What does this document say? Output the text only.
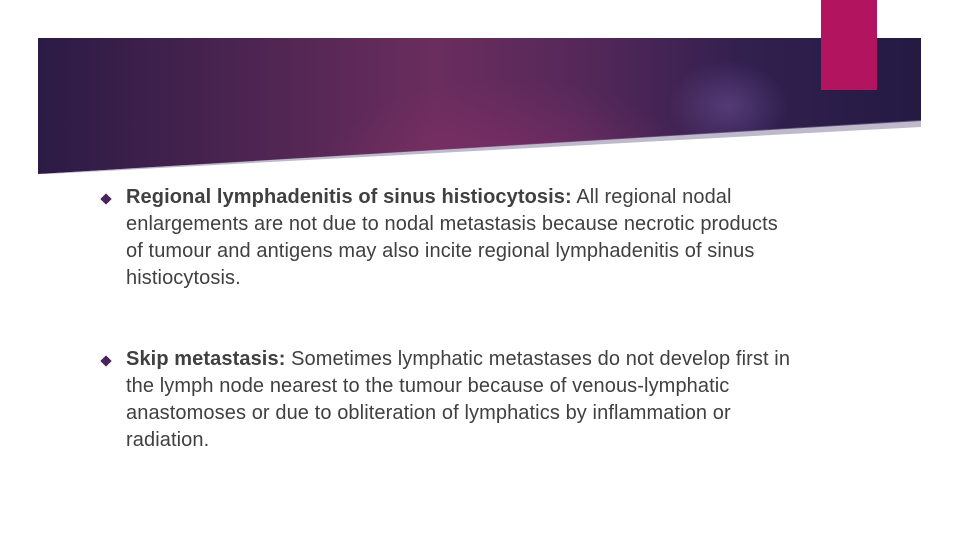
Regional lymphadenitis of sinus histiocytosis: All regional nodal enlargements are not due to nodal metastasis because necrotic products of tumour and antigens may also incite regional lymphadenitis of sinus histiocytosis.
Skip metastasis: Sometimes lymphatic metastases do not develop first in the lymph node nearest to the tumour because of venous-lymphatic anastomoses or due to obliteration of lymphatics by inflammation or radiation.
